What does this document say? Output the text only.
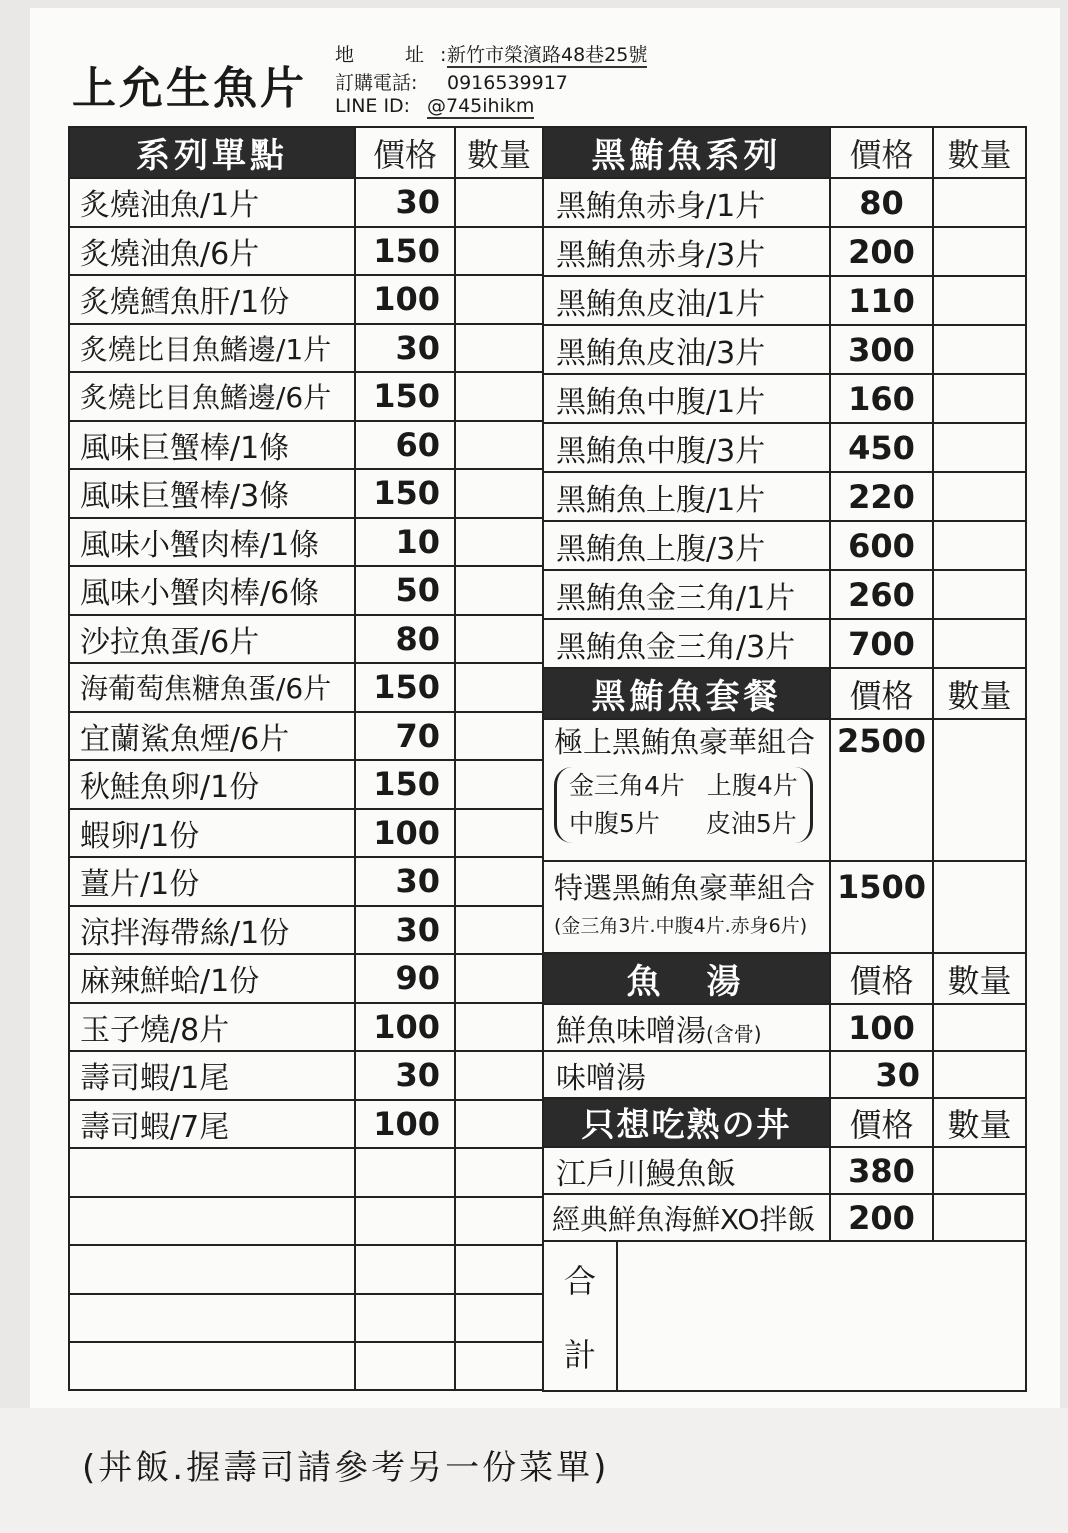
上允生魚片
地　址:新竹市榮濱路48巷25號
訂購電話: 0916539917
LINE ID: @745ihikm
系列單點	價格	數量
炙燒油魚/1片	30	
炙燒油魚/6片	150	
炙燒鱈魚肝/1份	100	
炙燒比目魚鰭邊/1片	30	
炙燒比目魚鰭邊/6片	150	
風味巨蟹棒/1條	60	
風味巨蟹棒/3條	150	
風味小蟹肉棒/1條	10	
風味小蟹肉棒/6條	50	
沙拉魚蛋/6片	80	
海葡萄焦糖魚蛋/6片	150	
宜蘭鯊魚煙/6片	70	
秋鮭魚卵/1份	150	
蝦卵/1份	100	
薑片/1份	30	
涼拌海帶絲/1份	30	
麻辣鮮蛤/1份	90	
玉子燒/8片	100	
壽司蝦/1尾	30	
壽司蝦/7尾	100	

黑鮪魚系列	價格	數量
黑鮪魚赤身/1片	80	
黑鮪魚赤身/3片	200	
黑鮪魚皮油/1片	110	
黑鮪魚皮油/3片	300	
黑鮪魚中腹/1片	160	
黑鮪魚中腹/3片	450	
黑鮪魚上腹/1片	220	
黑鮪魚上腹/3片	600	
黑鮪魚金三角/1片	260	
黑鮪魚金三角/3片	700	
黑鮪魚套餐	價格	數量

極上黑鮪魚豪華組合
金三角4片 上腹4片
中腹5片 皮油5片	2500	

特選黑鮪魚豪華組合
(金三角3片.中腹4片.赤身6片)	1500	
魚　湯	價格	數量
鮮魚味噌湯(含骨)	100	
味噌湯	30	
只想吃熟の丼	價格	數量
江戶川鰻魚飯	380	
經典鮮魚海鮮XO拌飯	200	

合
計		
(丼飯.握壽司請參考另一份菜單)
